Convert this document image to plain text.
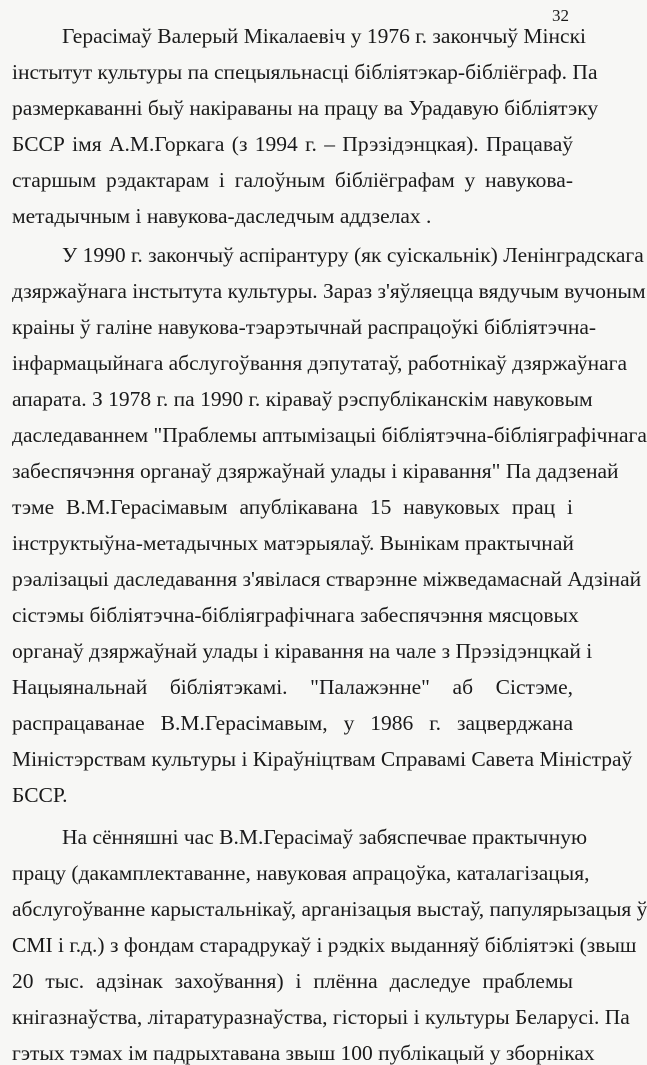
32
Герасімаў Валерый Мікалаевіч у 1976 г. закончыў Мінскі
інстытут культуры па спецыяльнасці бібліятэкар-бібліёграф. Па
размеркаванні быў накіраваны на працу ва Урадавую бібліятэку
БССР імя А.М.Горкага (з 1994 г. – Прэзідэнцкая). Працаваў
старшым рэдактарам і галоўным бібліёграфам у навукова-
метадычным і навукова-даследчым аддзелах .
У 1990 г. закончыў аспірантуру (як суіскальнік) Ленінградскага
дзяржаўнага інстытута культуры. Зараз з'яўляецца вядучым вучоным
краіны ў галіне навукова-тэарэтычнай распрацоўкі бібліятэчна-
інфармацыйнага абслугоўвання дэпутатаў, работнікаў дзяржаўнага
апарата. З 1978 г. па 1990 г. кіраваў рэспубліканскім навуковым
даследаваннем "Праблемы аптымізацыі бібліятэчна-бібліяграфічнага
забеспячэння органаў дзяржаўнай улады і кіравання" Па дадзенай
тэме В.М.Герасімавым апублікавана 15 навуковых прац і
інструктыўна-метадычных матэрыялаў. Вынікам практычнай
рэалізацыі даследавання з'явілася стварэнне міжведамаснай Адзінай
сістэмы бібліятэчна-бібліяграфічнага забеспячэння мясцовых
органаў дзяржаўнай улады і кіравання на чале з Прэзідэнцкай і
Нацыянальнай бібліятэкамі. "Палажэнне" аб Сістэме,
распрацаванае В.М.Герасімавым, у 1986 г. зацверджана
Міністэрствам культуры і Кіраўніцтвам Справамі Савета Міністраў
БССР.
На сённяшні час В.М.Герасімаў забяспечвае практычную
працу (дакамплектаванне, навуковая апрацоўка, каталагізацыя,
абслугоўванне карыстальнікаў, арганізацыя выстаў, папулярызацыя ў
СМІ і г.д.) з фондам старадрукаў і рэдкіх выданняў бібліятэкі (звыш
20 тыс. адзінак захоўвання) і плённа даследуе праблемы
кнігазнаўства, літаратуразнаўства, гісторыі і культуры Беларусі. Па
гэтых тэмах ім падрыхтавана звыш 100 публікацый у зборніках
